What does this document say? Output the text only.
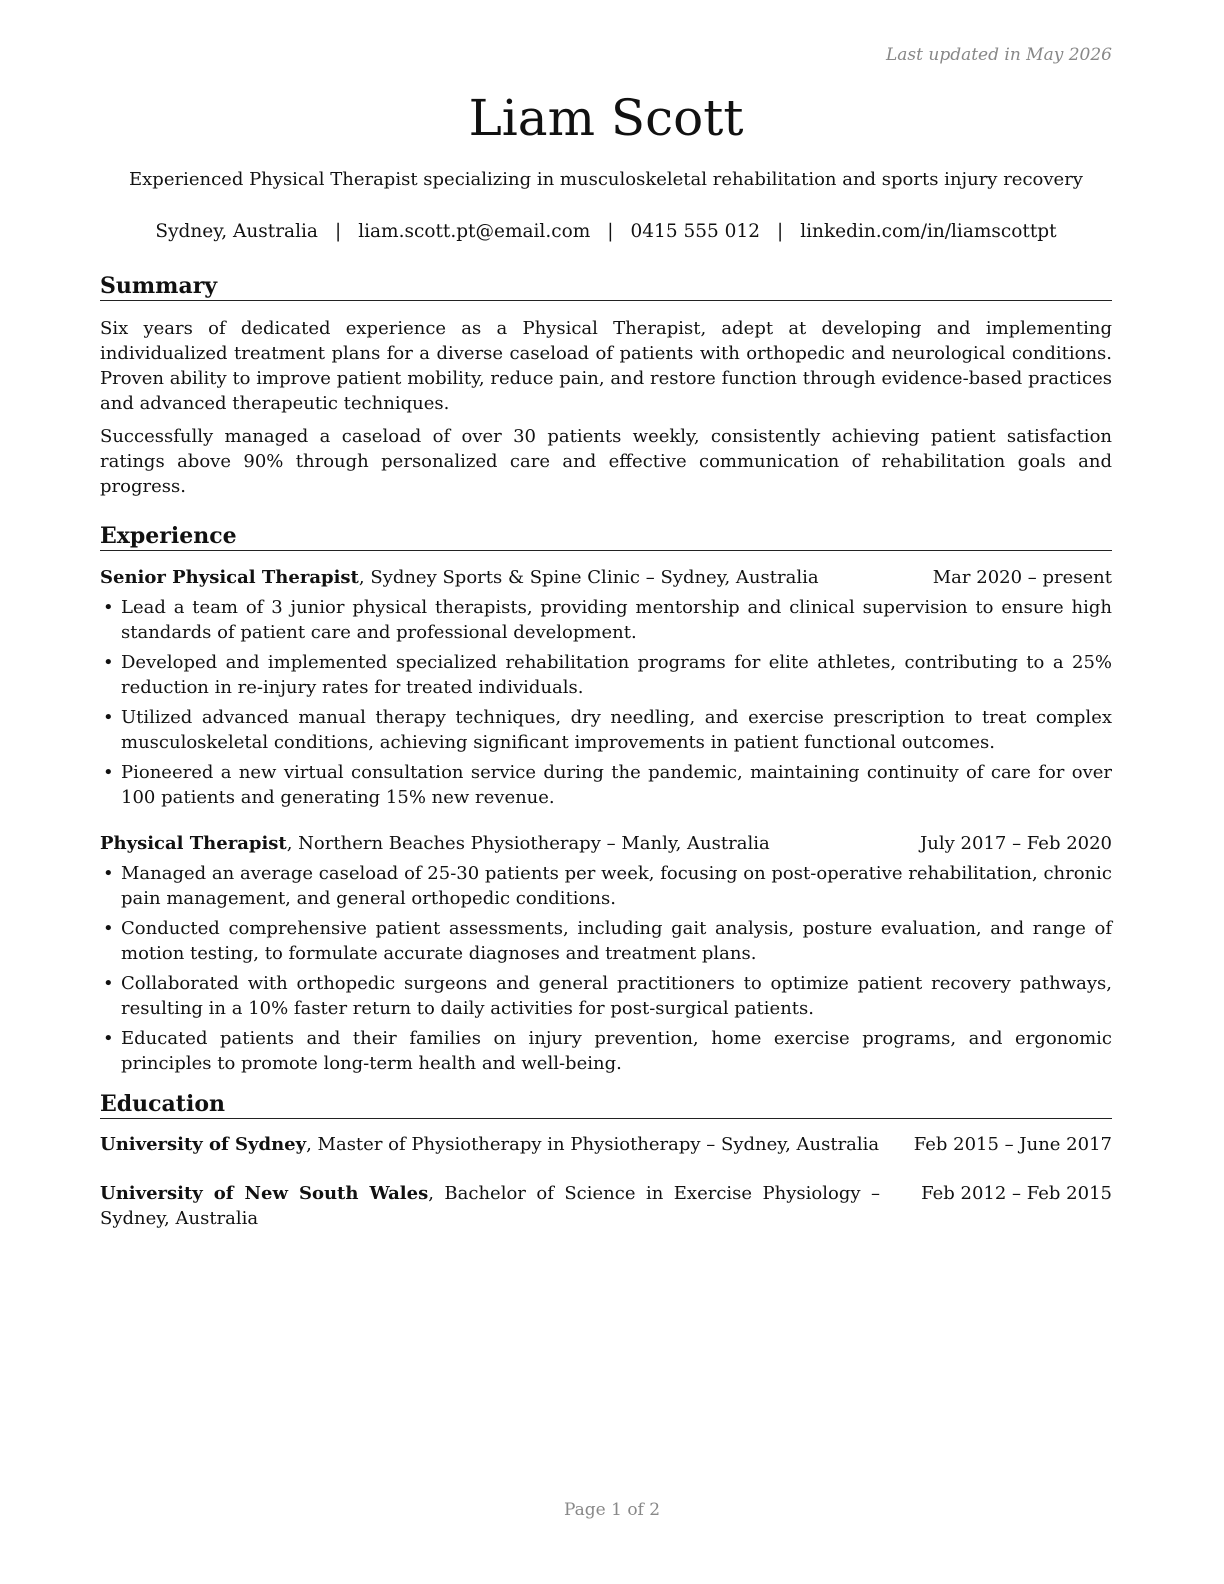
Last updated in May 2026
Liam Scott
Experienced Physical Therapist specializing in musculoskeletal rehabilitation and sports injury recovery
Sydney, Australia | liam.scott.pt@email.com | 0415 555 012 | linkedin.com/in/liamscottpt
Summary

Six years of dedicated experience as a Physical Therapist, adept at developing and implementing individualized treatment plans for a diverse caseload of patients with orthopedic and neurological conditions. Proven ability to improve patient mobility, reduce pain, and restore function through evidence-based practices and advanced therapeutic techniques.

Successfully managed a caseload of over 30 patients weekly, consistently achieving patient satisfaction ratings above 90% through personalized care and effective communication of rehabilitation goals and progress.

Experience
Senior Physical Therapist, Sydney Sports & Spine Clinic – Sydney, Australia	Mar 2020 – present
• Lead a team of 3 junior physical therapists, providing mentorship and clinical supervision to ensure high standards of patient care and professional development.
• Developed and implemented specialized rehabilitation programs for elite athletes, contributing to a 25% reduction in re-injury rates for treated individuals.
• Utilized advanced manual therapy techniques, dry needling, and exercise prescription to treat complex musculoskeletal conditions, achieving significant improvements in patient functional outcomes.
• Pioneered a new virtual consultation service during the pandemic, maintaining continuity of care for over 100 patients and generating 15% new revenue.
Physical Therapist, Northern Beaches Physiotherapy – Manly, Australia	July 2017 – Feb 2020
• Managed an average caseload of 25-30 patients per week, focusing on post-operative rehabilitation, chronic pain management, and general orthopedic conditions.
• Conducted comprehensive patient assessments, including gait analysis, posture evaluation, and range of motion testing, to formulate accurate diagnoses and treatment plans.
• Collaborated with orthopedic surgeons and general practitioners to optimize patient recovery pathways, resulting in a 10% faster return to daily activities for post-surgical patients.
• Educated patients and their families on injury prevention, home exercise programs, and ergonomic principles to promote long-term health and well-being.
Education
University of Sydney, Master of Physiotherapy in Physiotherapy – Sydney, Australia Feb 2015 – June 2017
University of New South Wales, Bachelor of Science in Exercise Physiology – Sydney, Australia
Feb 2012 – Feb 2015
Page 1 of 2
